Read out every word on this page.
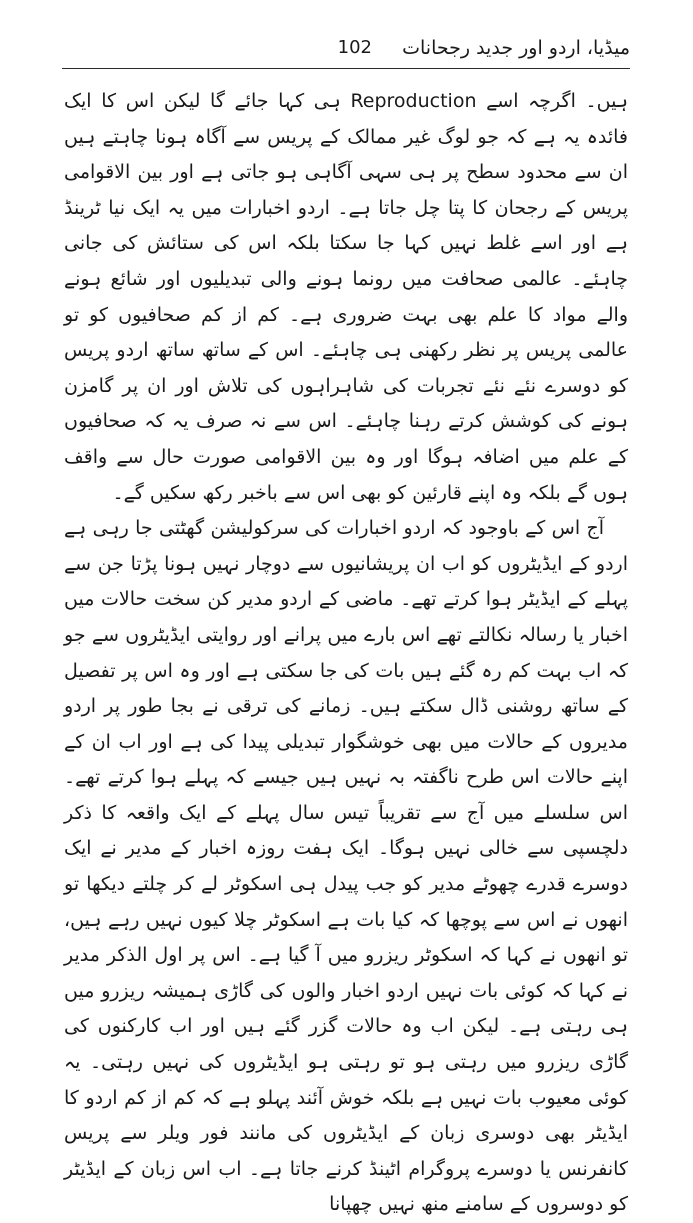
میڈیا، اردو اور جدید رجحانات
102

ہیں۔ اگرچہ اسے Reproduction ہی کہا جائے گا لیکن اس کا ایک فائدہ یہ ہے کہ جو لوگ غیر ممالک کے پریس سے آگاہ ہونا چاہتے ہیں ان سے محدود سطح پر ہی سہی آگاہی ہو جاتی ہے اور بین الاقوامی پریس کے رجحان کا پتا چل جاتا ہے۔ اردو اخبارات میں یہ ایک نیا ٹرینڈ ہے اور اسے غلط نہیں کہا جا سکتا بلکہ اس کی ستائش کی جانی چاہئے۔ عالمی صحافت میں رونما ہونے والی تبدیلیوں اور شائع ہونے والے مواد کا علم بھی بہت ضروری ہے۔ کم از کم صحافیوں کو تو عالمی پریس پر نظر رکھنی ہی چاہئے۔ اس کے ساتھ ساتھ اردو پریس کو دوسرے نئے نئے تجربات کی شاہراہوں کی تلاش اور ان پر گامزن ہونے کی کوشش کرتے رہنا چاہئے۔ اس سے نہ صرف یہ کہ صحافیوں کے علم میں اضافہ ہوگا اور وہ بین الاقوامی صورت حال سے واقف ہوں گے بلکہ وہ اپنے قارئین کو بھی اس سے باخبر رکھ سکیں گے۔

آج اس کے باوجود کہ اردو اخبارات کی سرکولیشن گھٹتی جا رہی ہے اردو کے ایڈیٹروں کو اب ان پریشانیوں سے دوچار نہیں ہونا پڑتا جن سے پہلے کے ایڈیٹر ہوا کرتے تھے۔ ماضی کے اردو مدیر کن سخت حالات میں اخبار یا رسالہ نکالتے تھے اس بارے میں پرانے اور روایتی ایڈیٹروں سے جو کہ اب بہت کم رہ گئے ہیں بات کی جا سکتی ہے اور وہ اس پر تفصیل کے ساتھ روشنی ڈال سکتے ہیں۔ زمانے کی ترقی نے بجا طور پر اردو مدیروں کے حالات میں بھی خوشگوار تبدیلی پیدا کی ہے اور اب ان کے اپنے حالات اس طرح ناگفتہ بہ نہیں ہیں جیسے کہ پہلے ہوا کرتے تھے۔ اس سلسلے میں آج سے تقریباً تیس سال پہلے کے ایک واقعہ کا ذکر دلچسپی سے خالی نہیں ہوگا۔ ایک ہفت روزہ اخبار کے مدیر نے ایک دوسرے قدرے چھوٹے مدیر کو جب پیدل ہی اسکوٹر لے کر چلتے دیکھا تو انھوں نے اس سے پوچھا کہ کیا بات ہے اسکوٹر چلا کیوں نہیں رہے ہیں، تو انھوں نے کہا کہ اسکوٹر ریزرو میں آ گیا ہے۔ اس پر اول الذکر مدیر نے کہا کہ کوئی بات نہیں اردو اخبار والوں کی گاڑی ہمیشہ ریزرو میں ہی رہتی ہے۔ لیکن اب وہ حالات گزر گئے ہیں اور اب کارکنوں کی گاڑی ریزرو میں رہتی ہو تو رہتی ہو ایڈیٹروں کی نہیں رہتی۔ یہ کوئی معیوب بات نہیں ہے بلکہ خوش آئند پہلو ہے کہ کم از کم اردو کا ایڈیٹر بھی دوسری زبان کے ایڈیٹروں کی مانند فور ویلر سے پریس کانفرنس یا دوسرے پروگرام اٹینڈ کرنے جاتا ہے۔ اب اس زبان کے ایڈیٹر کو دوسروں کے سامنے منھ نہیں چھپانا
